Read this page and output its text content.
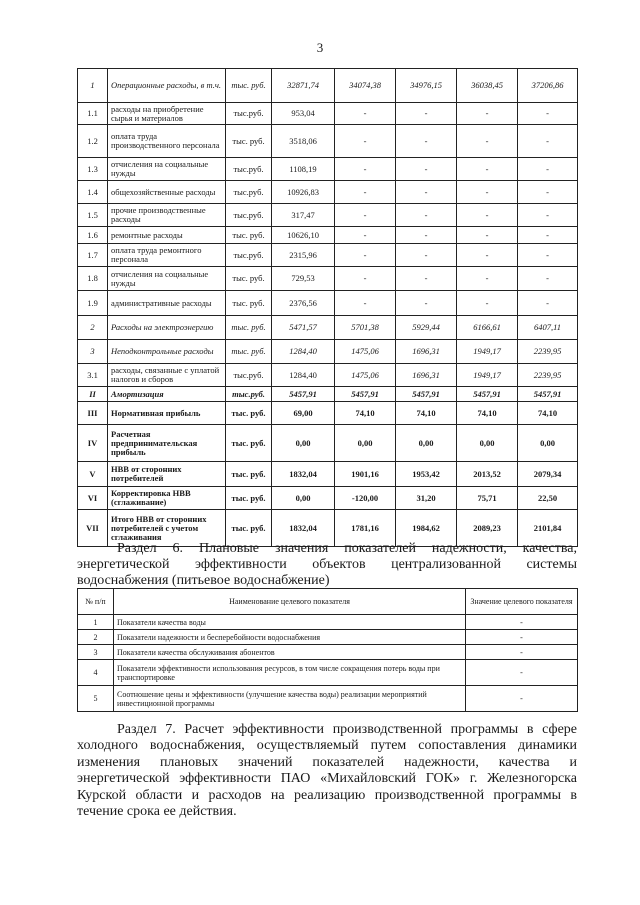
3
1	Операционные расходы, в т.ч.	тыс. руб.	32871,74	34074,38	34976,15	36038,45	37206,86
1.1	расходы на приобретение сырья и материалов	тыс.руб.	953,04	-	-	-	-
1.2	оплата труда производственного персонала	тыс. руб.	3518,06	-	-	-	-
1.3	отчисления на социальные нужды	тыс.руб.	1108,19	-	-	-	-
1.4	общехозяйственные расходы	тыс.руб.	10926,83	-	-	-	-
1.5	прочие производственные расходы	тыс.руб.	317,47	-	-	-	-
1.6	ремонтные расходы	тыс. руб.	10626,10	-	-	-	-
1.7	оплата труда ремонтного персонала	тыс.руб.	2315,96	-	-	-	-
1.8	отчисления на социальные нужды	тыс. руб.	729,53	-	-	-	-
1.9	административные расходы	тыс. руб.	2376,56	-	-	-	-
2	Расходы на электроэнергию	тыс. руб.	5471,57	5701,38	5929,44	6166,61	6407,11
3	Неподконтрольные расходы	тыс. руб.	1284,40	1475,06	1696,31	1949,17	2239,95
3.1	расходы, связанные с уплатой налогов и сборов	тыс.руб.	1284,40	1475,06	1696,31	1949,17	2239,95
II	Амортизация	тыс.руб.	5457,91	5457,91	5457,91	5457,91	5457,91
III	Нормативная прибыль	тыс. руб.	69,00	74,10	74,10	74,10	74,10
IV	Расчетная предпринимательская прибыль	тыс. руб.	0,00	0,00	0,00	0,00	0,00
V	НВВ от сторонних потребителей	тыс. руб.	1832,04	1901,16	1953,42	2013,52	2079,34
VI	Корректировка НВВ (сглаживание)	тыс. руб.	0,00	-120,00	31,20	75,71	22,50
VII	Итого НВВ от сторонних потребителей с учетом сглаживания	тыс. руб.	1832,04	1781,16	1984,62	2089,23	2101,84
Раздел 6. Плановые значения показателей надежности, качества,
энергетической эффективности объектов централизованной системы
водоснабжения (питьевое водоснабжение)
№ п/п	Наименование целевого показателя	Значение целевого показателя
1	Показатели качества воды	-
2	Показатели надежности и бесперебойности водоснабжения	-
3	Показатели качества обслуживания абонентов	-
4	Показатели эффективности использования ресурсов, в том числе сокращения потерь воды при транспортировке	-
5	Соотношение цены и эффективности (улучшение качества воды) реализации мероприятий инвестиционной программы	-
Раздел 7. Расчет эффективности производственной программы в сфере
холодного водоснабжения, осуществляемый путем сопоставления динамики
изменения плановых значений показателей надежности, качества и
энергетической эффективности ПАО «Михайловский ГОК» г. Железногорска
Курской области и расходов на реализацию производственной программы в
течение срока ее действия.
